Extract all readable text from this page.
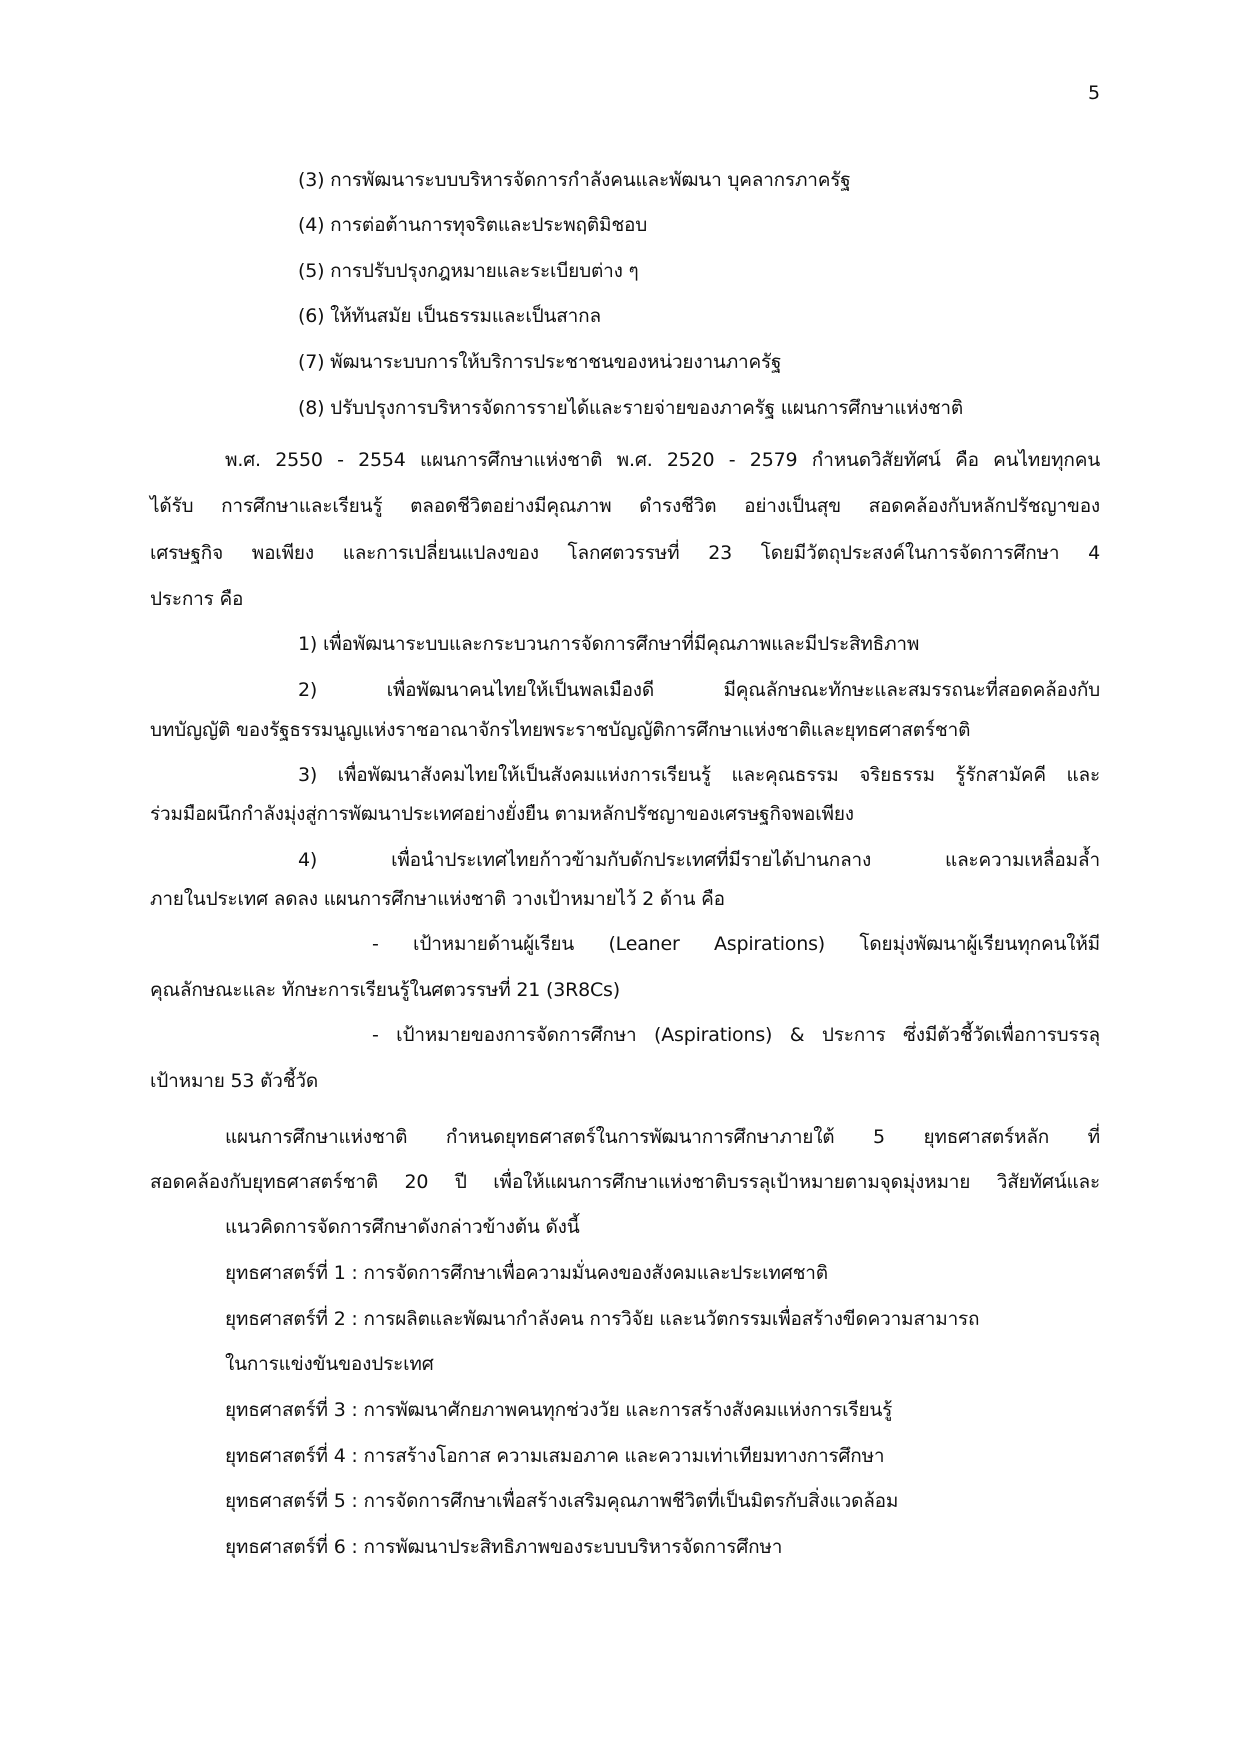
5
(3) การพัฒนาระบบบริหารจัดการกำลังคนและพัฒนา บุคลากรภาครัฐ
(4) การต่อต้านการทุจริตและประพฤติมิชอบ
(5) การปรับปรุงกฎหมายและระเบียบต่าง ๆ
(6) ให้ทันสมัย เป็นธรรมและเป็นสากล
(7) พัฒนาระบบการให้บริการประชาชนของหน่วยงานภาครัฐ
(8) ปรับปรุงการบริหารจัดการรายได้และรายจ่ายของภาครัฐ แผนการศึกษาแห่งชาติ
พ.ศ. 2550 - 2554 แผนการศึกษาแห่งชาติ พ.ศ. 2520 - 2579 กำหนดวิสัยทัศน์ คือ คนไทยทุกคน
ได้รับ การศึกษาและเรียนรู้ ตลอดชีวิตอย่างมีคุณภาพ ดำรงชีวิต อย่างเป็นสุข สอดคล้องกับหลักปรัชญาของ
เศรษฐกิจ พอเพียง และการเปลี่ยนแปลงของ โลกศตวรรษที่ 23 โดยมีวัตถุประสงค์ในการจัดการศึกษา 4
ประการ คือ
1) เพื่อพัฒนาระบบและกระบวนการจัดการศึกษาที่มีคุณภาพและมีประสิทธิภาพ
2) เพื่อพัฒนาคนไทยให้เป็นพลเมืองดี มีคุณลักษณะทักษะและสมรรถนะที่สอดคล้องกับ
บทบัญญัติ ของรัฐธรรมนูญแห่งราชอาณาจักรไทยพระราชบัญญัติการศึกษาแห่งชาติและยุทธศาสตร์ชาติ
3) เพื่อพัฒนาสังคมไทยให้เป็นสังคมแห่งการเรียนรู้ และคุณธรรม จริยธรรม รู้รักสามัคคี และ
ร่วมมือผนึกกำลังมุ่งสู่การพัฒนาประเทศอย่างยั่งยืน ตามหลักปรัชญาของเศรษฐกิจพอเพียง
4) เพื่อนำประเทศไทยก้าวข้ามกับดักประเทศที่มีรายได้ปานกลาง และความเหลื่อมล้ำ
ภายในประเทศ ลดลง แผนการศึกษาแห่งชาติ วางเป้าหมายไว้ 2 ด้าน คือ
- เป้าหมายด้านผู้เรียน (Leaner Aspirations) โดยมุ่งพัฒนาผู้เรียนทุกคนให้มี
คุณลักษณะและ ทักษะการเรียนรู้ในศตวรรษที่ 21 (3R8Cs)
- เป้าหมายของการจัดการศึกษา (Aspirations) & ประการ ซึ่งมีตัวชี้วัดเพื่อการบรรลุ
เป้าหมาย 53 ตัวชี้วัด
แผนการศึกษาแห่งชาติ กำหนดยุทธศาสตร์ในการพัฒนาการศึกษาภายใต้ 5 ยุทธศาสตร์หลัก ที่
สอดคล้องกับยุทธศาสตร์ชาติ 20 ปี เพื่อให้แผนการศึกษาแห่งชาติบรรลุเป้าหมายตามจุดมุ่งหมาย วิสัยทัศน์และ
แนวคิดการจัดการศึกษาดังกล่าวข้างต้น ดังนี้
ยุทธศาสตร์ที่ 1 : การจัดการศึกษาเพื่อความมั่นคงของสังคมและประเทศชาติ
ยุทธศาสตร์ที่ 2 : การผลิตและพัฒนากำลังคน การวิจัย และนวัตกรรมเพื่อสร้างขีดความสามารถ
ในการแข่งขันของประเทศ
ยุทธศาสตร์ที่ 3 : การพัฒนาศักยภาพคนทุกช่วงวัย และการสร้างสังคมแห่งการเรียนรู้
ยุทธศาสตร์ที่ 4 : การสร้างโอกาส ความเสมอภาค และความเท่าเทียมทางการศึกษา
ยุทธศาสตร์ที่ 5 : การจัดการศึกษาเพื่อสร้างเสริมคุณภาพชีวิตที่เป็นมิตรกับสิ่งแวดล้อม
ยุทธศาสตร์ที่ 6 : การพัฒนาประสิทธิภาพของระบบบริหารจัดการศึกษา
